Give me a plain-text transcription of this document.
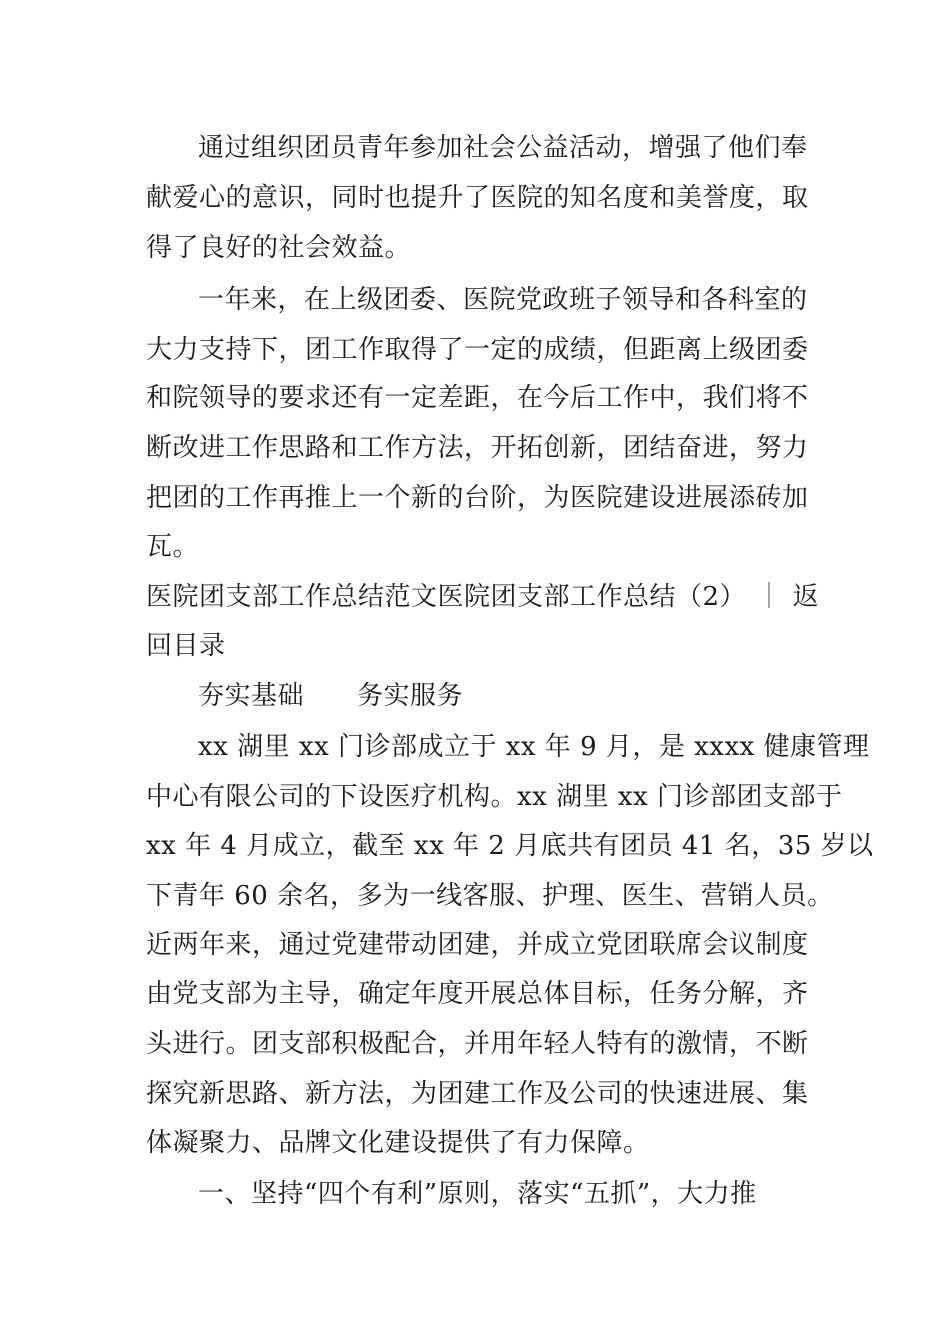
通过组织团员青年参加社会公益活动，增强了他们奉
献爱心的意识，同时也提升了医院的知名度和美誉度，取
得了良好的社会效益。
一年来，在上级团委、医院党政班子领导和各科室的
大力支持下，团工作取得了一定的成绩，但距离上级团委
和院领导的要求还有一定差距，在今后工作中，我们将不
断改进工作思路和工作方法，开拓创新，团结奋进，努力
把团的工作再推上一个新的台阶，为医院建设进展添砖加
瓦。
医院团支部工作总结范文医院团支部工作总结（2） ｜ 返
回目录
夯实基础　　务实服务
xx 湖里 xx 门诊部成立于 xx 年 9 月，是 xxxx 健康管理
中心有限公司的下设医疗机构。xx 湖里 xx 门诊部团支部于
xx 年 4 月成立，截至 xx 年 2 月底共有团员 41 名，35 岁以
下青年 60 余名，多为一线客服、护理、医生、营销人员。
近两年来，通过党建带动团建，并成立党团联席会议制度
由党支部为主导，确定年度开展总体目标，任务分解，齐
头进行。团支部积极配合，并用年轻人特有的激情，不断
探究新思路、新方法，为团建工作及公司的快速进展、集
体凝聚力、品牌文化建设提供了有力保障。
一、坚持“四个有利”原则，落实“五抓”，大力推
